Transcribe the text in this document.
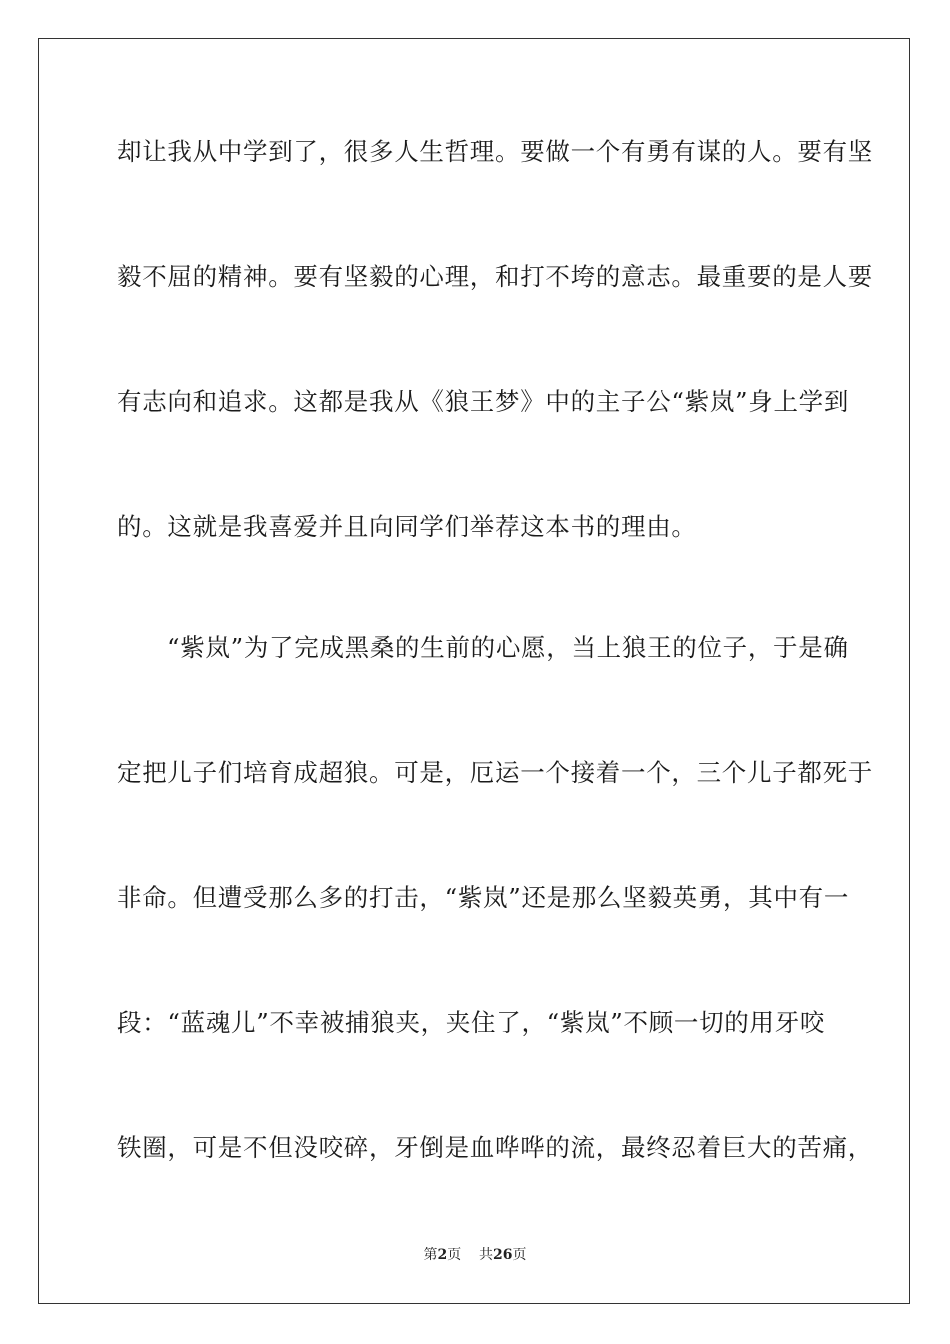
却让我从中学到了，很多人生哲理。要做一个有勇有谋的人。要有坚
毅不屈的精神。要有坚毅的心理，和打不垮的意志。最重要的是人要
有志向和追求。这都是我从《狼王梦》中的主子公“紫岚”身上学到
的。这就是我喜爱并且向同学们举荐这本书的理由。
“紫岚”为了完成黑桑的生前的心愿，当上狼王的位子，于是确
定把儿子们培育成超狼。可是，厄运一个接着一个，三个儿子都死于
非命。但遭受那么多的打击，“紫岚”还是那么坚毅英勇，其中有一
段：“蓝魂儿”不幸被捕狼夹，夹住了，“紫岚”不顾一切的用牙咬
铁圈，可是不但没咬碎，牙倒是血哗哗的流，最终忍着巨大的苦痛，
第2页 共26页
